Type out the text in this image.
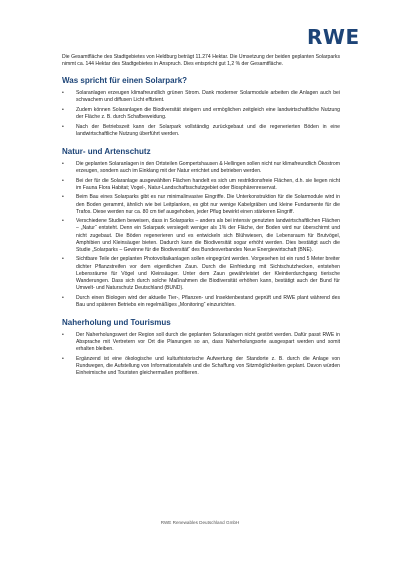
RWE

Die Gesamtfläche des Stadtgebietes von Heldburg beträgt 11.274 Hektar. Die Umsetzung der beiden geplanten Solarparks nimmt ca. 144 Hektar des Stadtgebietes in Anspruch. Dies entspricht gut 1,2 % der Gesamtfläche.

Was spricht für einen Solarpark?
• Solaranlagen erzeugen klimafreundlich grünen Strom. Dank moderner Solarmodule arbeiten die Anlagen auch bei schwachem und diffusen Licht effizient.
• Zudem können Solaranlagen die Biodiversität steigern und ermöglichen zeitgleich eine landwirtschaftliche Nutzung der Fläche z. B. durch Schafbeweidung.
• Nach der Betriebszeit kann der Solarpark vollständig zurückgebaut und die regenerierten Böden in eine landwirtschaftliche Nutzung überführt werden.
Natur- und Artenschutz
• Die geplanten Solaranlagen in den Ortsteilen Gompertshausen & Hellingen sollen nicht nur klimafreundlich Ökostrom erzeugen, sondern auch im Einklang mit der Natur errichtet und betrieben werden.
• Bei der für die Solaranlage ausgewählten Flächen handelt es sich um restriktionsfreie Flächen, d.h. sie liegen nicht im Fauna Flora Habitat; Vogel-, Natur-Landschaftsschutzgebiet oder Biosphärenreservat.
• Beim Bau eines Solarparks gibt es nur minimalinvasive Eingriffe. Die Unterkonstruktion für die Solarmodule wird in den Boden gerammt, ähnlich wie bei Leitplanken, es gibt nur wenige Kabelgräben und kleine Fundamente für die Trafos. Diese werden nur ca. 80 cm tief ausgehoben, jeder Pflug bewirkt einen stärkeren Eingriff.
• Verschiedene Studien beweisen, dass in Solarparks – anders als bei intensiv genutzten landwirtschaftlichen Flächen – „Natur“ entsteht. Denn ein Solarpark versiegelt weniger als 1% der Fläche, der Boden wird nur überschirmt und nicht zugebaut. Die Böden regenerieren und es entwickeln sich Blühwiesen, die Lebensraum für Brutvögel, Amphibien und Kleinsäuger bieten. Dadurch kann die Biodiversität sogar erhöht werden. Dies bestätigt auch die Studie „Solarparks – Gewinne für die Biodiversität“ des Bundesverbandes Neue Energiewirtschaft (BNE).
• Sichtbare Teile der geplanten Photovoltaikanlagen sollen eingegrünt werden. Vorgesehen ist ein rund 5 Meter breiter dichter Pflanzstreifen vor dem eigentlichen Zaun. Durch die Einfriedung mit Sichtschutzhecken, entstehen Lebensräume für Vögel und Kleinsäuger. Unter dem Zaun gewährleistet der Kleintierdurchgang tierische Wanderungen. Dass sich durch solche Maßnahmen die Biodiversität erhöhen kann, bestätigt auch der Bund für Umwelt- und Naturschutz Deutschland (BUND).
• Durch einen Biologen wird der aktuelle Tier-, Pflanzen- und Insektenbestand geprüft und RWE plant während des Bau und späteren Betriebs ein regelmäßiges „Monitoring“ einzurichten.
Naherholung und Tourismus
• Der Naherholungswert der Region soll durch die geplanten Solaranlagen nicht gestört werden. Dafür passt RWE in Absprache mit Vertretern vor Ort die Planungen so an, dass Naherholungsorte ausgespart werden und somit erhalten bleiben.
• Ergänzend ist eine ökologische und kulturhistorische Aufwertung der Standorte z. B. durch die Anlage von Rundwegen, die Aufstellung von Informationstafeln und die Schaffung von Sitzmöglichkeiten geplant. Davon würden Einheimische und Touristen gleichermaßen profitieren.
RWE Renewables Deutschland GmbH
